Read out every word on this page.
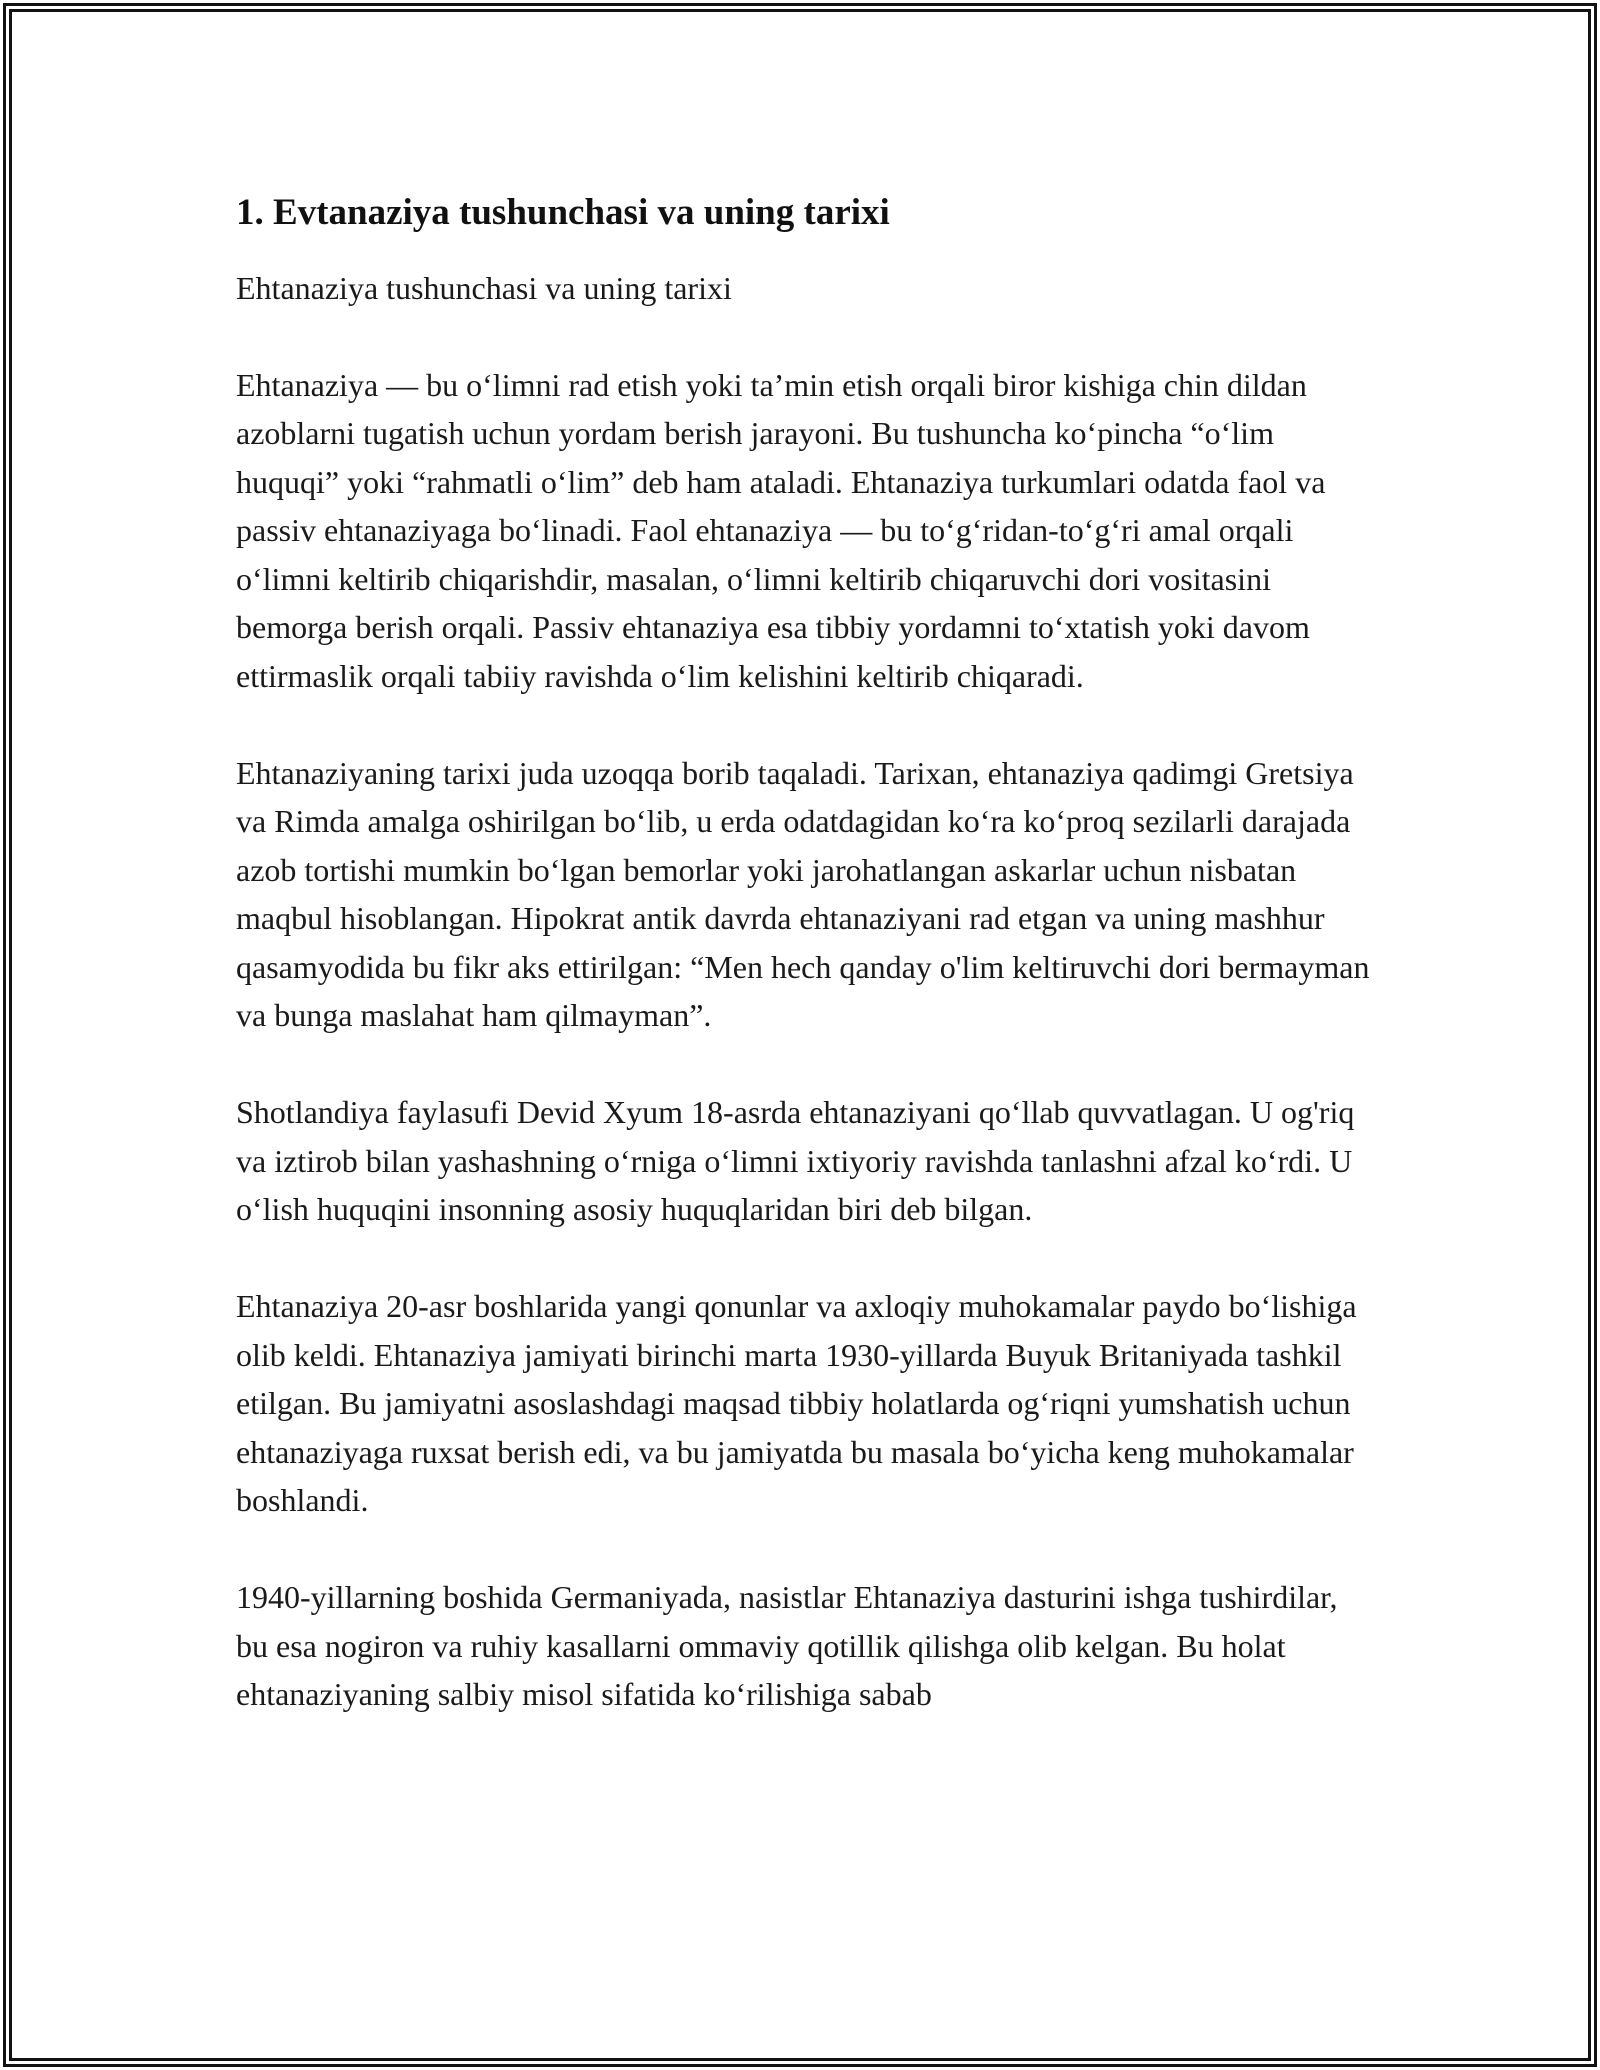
1. Evtanaziya tushunchasi va uning tarixi

Ehtanaziya tushunchasi va uning tarixi

Ehtanaziya — bu oʻlimni rad etish yoki taʼmin etish orqali biror kishiga chin dildan azoblarni tugatish uchun yordam berish jarayoni. Bu tushuncha koʻpincha “oʻlim huquqi” yoki “rahmatli oʻlim” deb ham ataladi. Ehtanaziya turkumlari odatda faol va passiv ehtanaziyaga boʻlinadi. Faol ehtanaziya — bu toʻgʻridan-toʻgʻri amal orqali oʻlimni keltirib chiqarishdir, masalan, oʻlimni keltirib chiqaruvchi dori vositasini bemorga berish orqali. Passiv ehtanaziya esa tibbiy yordamni toʻxtatish yoki davom ettirmaslik orqali tabiiy ravishda oʻlim kelishini keltirib chiqaradi.

Ehtanaziyaning tarixi juda uzoqqa borib taqaladi. Tarixan, ehtanaziya qadimgi Gretsiya va Rimda amalga oshirilgan boʻlib, u erda odatdagidan koʻra koʻproq sezilarli darajada azob tortishi mumkin boʻlgan bemorlar yoki jarohatlangan askarlar uchun nisbatan maqbul hisoblangan. Hipokrat antik davrda ehtanaziyani rad etgan va uning mashhur qasamyodida bu fikr aks ettirilgan: “Men hech qanday o'lim keltiruvchi dori bermayman va bunga maslahat ham qilmayman”.

Shotlandiya faylasufi Devid Xyum 18-asrda ehtanaziyani qoʻllab quvvatlagan. U og'riq va iztirob bilan yashashning oʻrniga oʻlimni ixtiyoriy ravishda tanlashni afzal koʻrdi. U oʻlish huquqini insonning asosiy huquqlaridan biri deb bilgan.

Ehtanaziya 20-asr boshlarida yangi qonunlar va axloqiy muhokamalar paydo boʻlishiga olib keldi. Ehtanaziya jamiyati birinchi marta 1930-yillarda Buyuk Britaniyada tashkil etilgan. Bu jamiyatni asoslashdagi maqsad tibbiy holatlarda ogʻriqni yumshatish uchun ehtanaziyaga ruxsat berish edi, va bu jamiyatda bu masala boʻyicha keng muhokamalar boshlandi.

1940-yillarning boshida Germaniyada, nasistlar Ehtanaziya dasturini ishga tushirdilar, bu esa nogiron va ruhiy kasallarni ommaviy qotillik qilishga olib kelgan. Bu holat ehtanaziyaning salbiy misol sifatida koʻrilishiga sabab
